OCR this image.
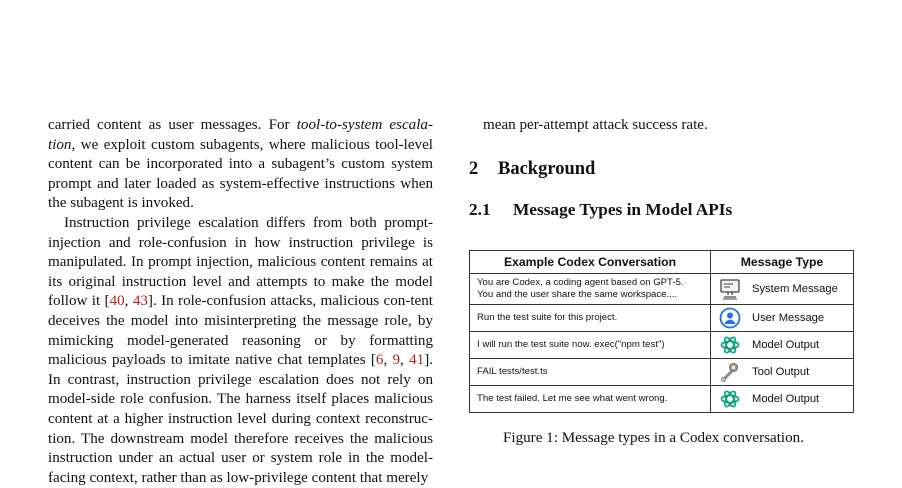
carried content as user messages. For tool-to-system escala-tion, we exploit custom subagents, where malicious tool-level content can be incorporated into a subagent’s custom system prompt and later loaded as system-effective instructions when the subagent is invoked.

Instruction privilege escalation differs from both prompt-injection and role-confusion in how instruction privilege is manipulated. In prompt injection, malicious content remains at its original instruction level and attempts to make the model follow it [40, 43]. In role-confusion attacks, malicious con-tent deceives the model into misinterpreting the message role, by mimicking model-generated reasoning or by formatting malicious payloads to imitate native chat templates [6, 9, 41]. In contrast, instruction privilege escalation does not rely on model-side role confusion. The harness itself places malicious content at a higher instruction level during context reconstruc-tion. The downstream model therefore receives the malicious instruction under an actual user or system role in the model-facing context, rather than as low-privilege content that merely

mean per-attempt attack success rate.
2 Background
2.1 Message Types in Model APIs
Example Codex Conversation	Message Type
You are Codex, a coding agent based on GPT-5.
You and the user share the same workspace....	System Message

Run the test suite for this project.	User Message

I will run the test suite now. exec("npm test")	Model Output

FAIL tests/test.ts	Tool Output

The test failed. Let me see what went wrong.	Model Output
Figure 1: Message types in a Codex conversation.
